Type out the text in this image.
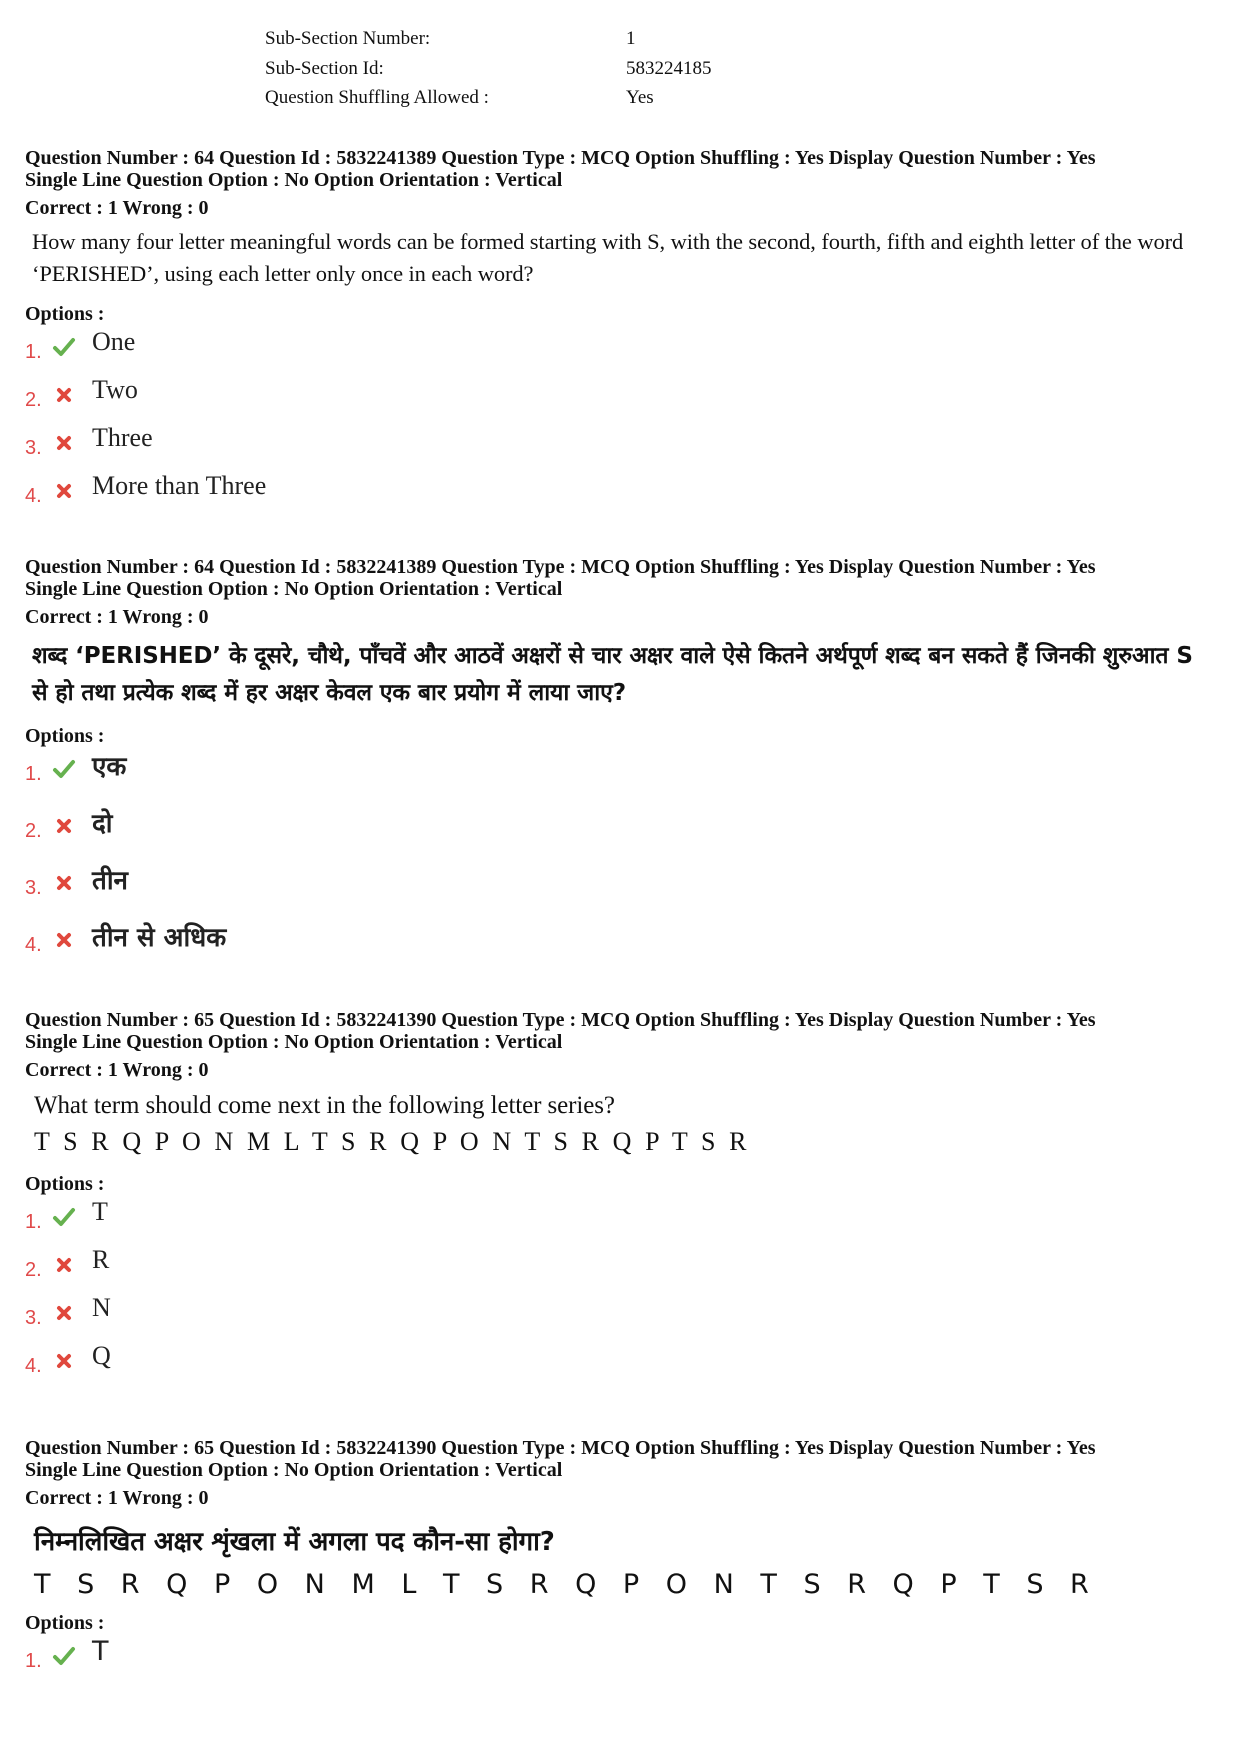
Sub-Section Number:	1
Sub-Section Id:	583224185
Question Shuffling Allowed :	Yes
Question Number : 64 Question Id : 5832241389 Question Type : MCQ Option Shuffling : Yes Display Question Number : Yes
Single Line Question Option : No Option Orientation : Vertical
Correct : 1 Wrong : 0
How many four letter meaningful words can be formed starting with S, with the second, fourth, fifth and eighth letter of the word ‘PERISHED’, using each letter only once in each word?
Options :
1. One
2. Two
3. Three
4. More than Three
Question Number : 64 Question Id : 5832241389 Question Type : MCQ Option Shuffling : Yes Display Question Number : Yes
Single Line Question Option : No Option Orientation : Vertical
Correct : 1 Wrong : 0
शब्द ‘PERISHED’ के दूसरे, चौथे, पाँचवें और आठवें अक्षरों से चार अक्षर वाले ऐसे कितने अर्थपूर्ण शब्द बन सकते हैं जिनकी शुरुआत S से हो तथा प्रत्येक शब्द में हर अक्षर केवल एक बार प्रयोग में लाया जाए?
Options :
1. एक
2. दो
3. तीन
4. तीन से अधिक
Question Number : 65 Question Id : 5832241390 Question Type : MCQ Option Shuffling : Yes Display Question Number : Yes
Single Line Question Option : No Option Orientation : Vertical
Correct : 1 Wrong : 0
What term should come next in the following letter series?
T S R Q P O N M L T S R Q P O N T S R Q P T S R
Options :
1. T
2. R
3. N
4. Q
Question Number : 65 Question Id : 5832241390 Question Type : MCQ Option Shuffling : Yes Display Question Number : Yes
Single Line Question Option : No Option Orientation : Vertical
Correct : 1 Wrong : 0
निम्नलिखित अक्षर शृंखला में अगला पद कौन-सा होगा?
T S R Q P O N M L T S R Q P O N T S R Q P T S R
Options :
1. T
